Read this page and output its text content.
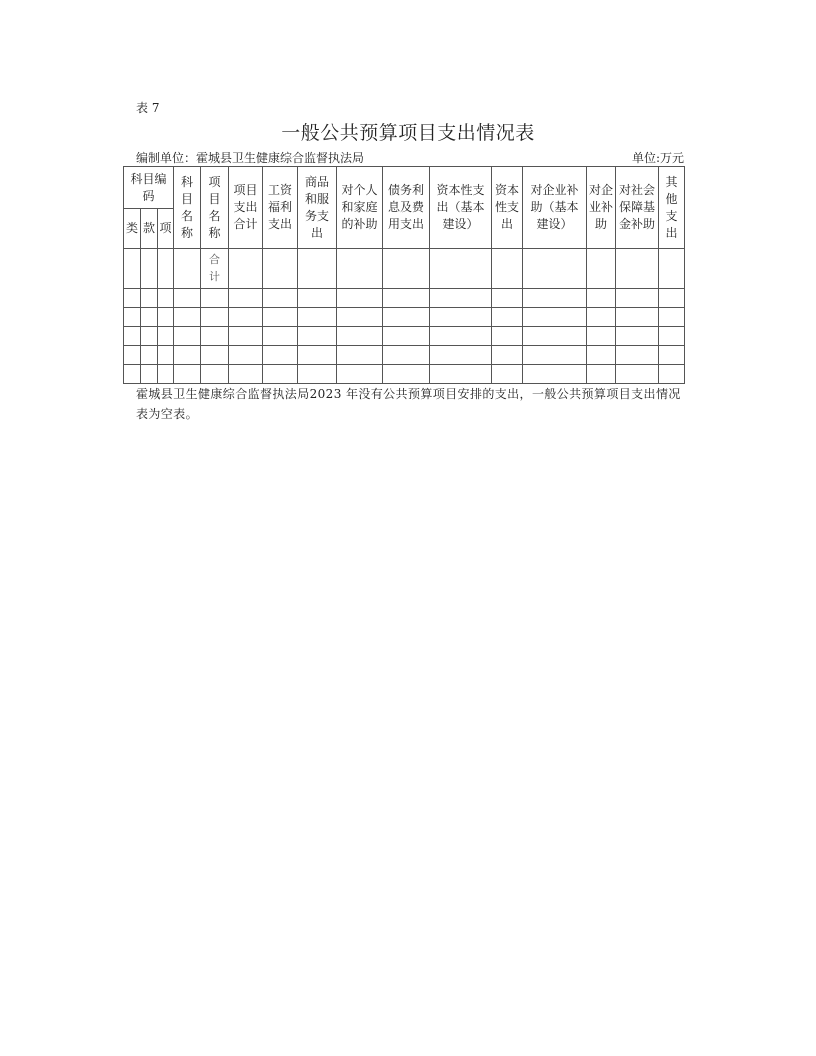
表 7
一般公共预算项目支出情况表
编制单位：霍城县卫生健康综合监督执法局	单位:万元
科目编码			科目名称	项目名称	项目支出合计	工资福利支出	商品和服务支出	对个人和家庭的补助	债务利息及费用支出	资本性支出（基本建设）	资本性支出	对企业补助（基本建设）	对企业补助	对社会保障基金补助	其他支出
类	款	项													
				合计											

霍城县卫生健康综合监督执法局2023 年没有公共预算项目安排的支出，一般公共预算项目支出情况表为空表。
